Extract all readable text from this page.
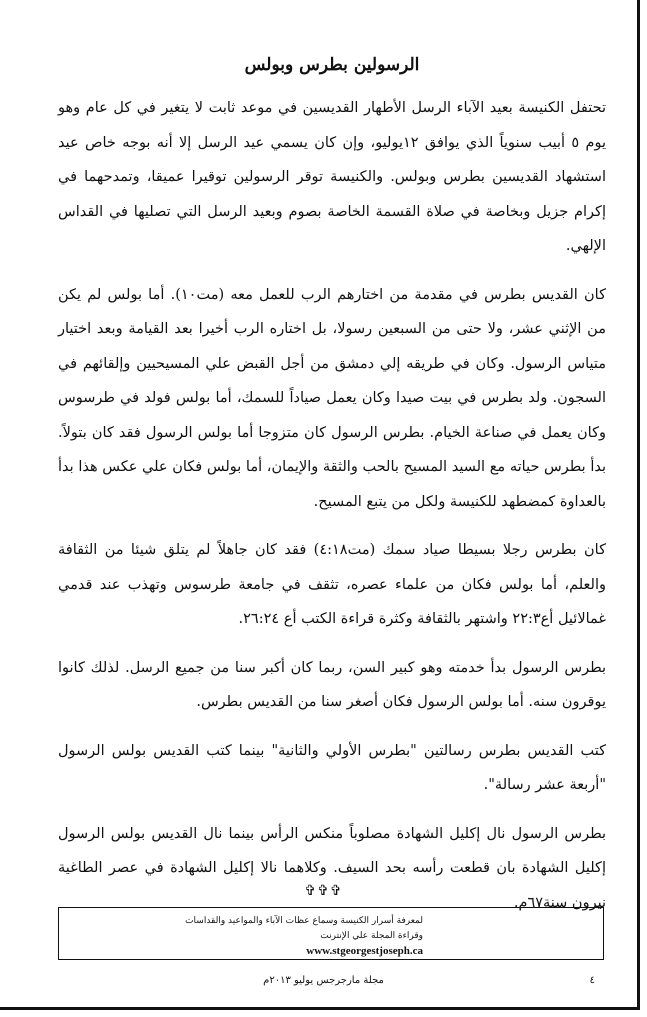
الرسولين بطرس وبولس

تحتفل الكنيسة بعيد الآباء الرسل الأطهار القديسين في موعد ثابت لا يتغير في كل عام وهو يوم ٥ أبيب سنوياً الذي يوافق ١٢يوليو، وإن كان يسمي عيد الرسل إلا أنه بوجه خاص عيد استشهاد القديسين بطرس وبولس. والكنيسة توقر الرسولين توقيرا عميقا، وتمدحهما في إكرام جزيل وبخاصة في صلاة القسمة الخاصة بصوم وبعيد الرسل التي تصليها في القداس الإلهي.

كان القديس بطرس في مقدمة من اختارهم الرب للعمل معه (مت١٠). أما بولس لم يكن من الإثني عشر، ولا حتى من السبعين رسولا، بل اختاره الرب أخيرا بعد القيامة وبعد اختيار متياس الرسول. وكان في طريقه إلي دمشق من أجل القبض علي المسيحيين وإلقائهم في السجون. ولد بطرس في بيت صيدا وكان يعمل صياداً للسمك، أما بولس فولد في طرسوس وكان يعمل في صناعة الخيام. بطرس الرسول كان متزوجا أما بولس الرسول فقد كان بتولاً. بدأ بطرس حياته مع السيد المسيح بالحب والثقة والإيمان، أما بولس فكان علي عكس هذا بدأ بالعداوة كمضطهد للكنيسة ولكل من يتبع المسيح.

كان بطرس رجلا بسيطا صياد سمك (مت٤:١٨) فقد كان جاهلاً لم يتلق شيئا من الثقافة والعلم، أما بولس فكان من علماء عصره، تثقف في جامعة طرسوس وتهذب عند قدمي غمالائيل أع٢٢:٣ واشتهر بالثقافة وكثرة قراءة الكتب أع ٢٦:٢٤.

بطرس الرسول بدأ خدمته وهو كبير السن، ربما كان أكبر سنا من جميع الرسل. لذلك كانوا يوقرون سنه. أما بولس الرسول فكان أصغر سنا من القديس بطرس.

كتب القديس بطرس رسالتين "بطرس الأولي والثانية" بينما كتب القديس بولس الرسول "أربعة عشر رسالة".

بطرس الرسول نال إكليل الشهادة مصلوباً منكس الرأس بينما نال القديس بولس الرسول إكليل الشهادة بان قطعت رأسه بحد السيف. وكلاهما نالا إكليل الشهادة في عصر الطاغية نيرون سنة٦٧م.

✞✞✞
لمعرفة أسرار الكنيسة وسماع عظات الآباء والمواعيد والقداسات
وقراءة المجلة علي الإنترنت
www.stgeorgestjoseph.ca
مجلة مارجرجس يوليو ٢٠١٣م	٤
